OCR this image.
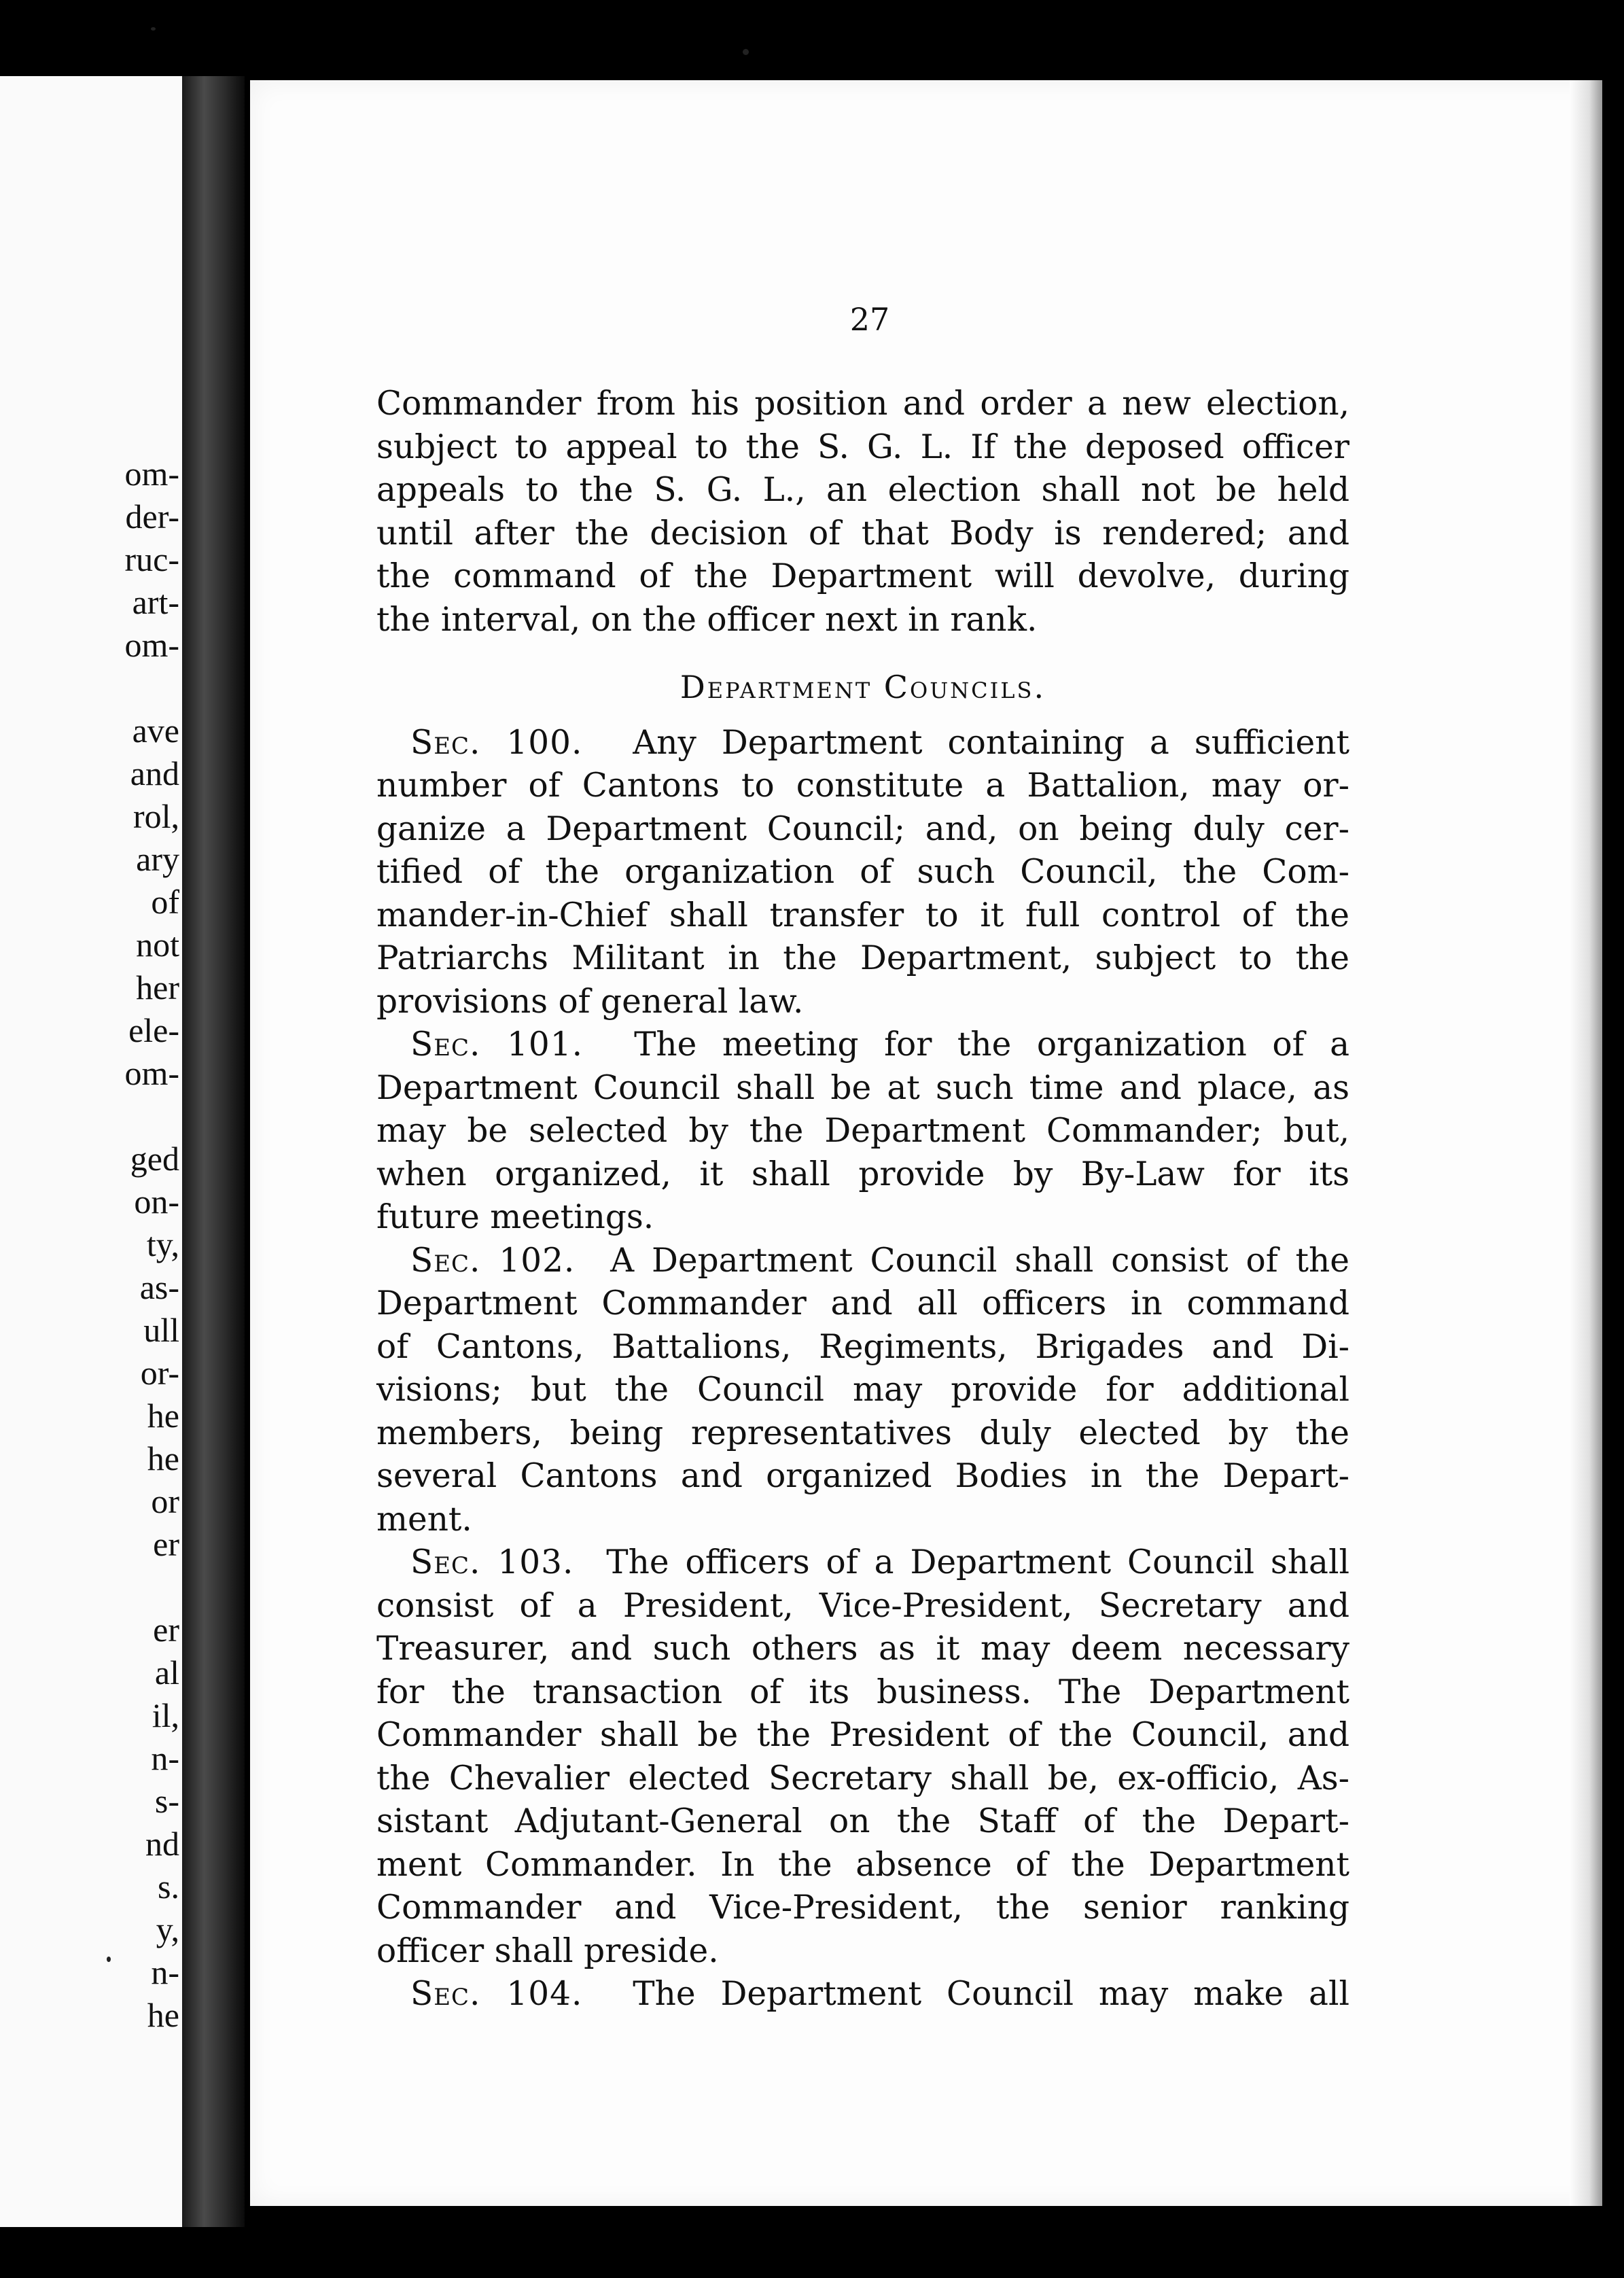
om-
der-
ruc-
art-
om-
ave
and
rol,
ary
of
not
her
ele-
om-
ged
on-
ty,
as-
ull
or-
he
he
or
er
er
al
il,
n-
s-
nd
s.
y,
n-
he
27
Commander from his position and order a new election,
subject to appeal to the S. G. L. If the deposed officer
appeals to the S. G. L., an election shall not be held
until after the decision of that Body is rendered; and
the command of the Department will devolve, during
the interval, on the officer next in rank.
Department Councils.
Sec. 100. Any Department containing a sufficient
number of Cantons to constitute a Battalion, may or-
ganize a Department Council; and, on being duly cer-
tified of the organization of such Council, the Com-
mander-in-Chief shall transfer to it full control of the
Patriarchs Militant in the Department, subject to the
provisions of general law.
Sec. 101. The meeting for the organization of a
Department Council shall be at such time and place, as
may be selected by the Department Commander; but,
when organized, it shall provide by By-Law for its
future meetings.
Sec. 102. A Department Council shall consist of the
Department Commander and all officers in command
of Cantons, Battalions, Regiments, Brigades and Di-
visions; but the Council may provide for additional
members, being representatives duly elected by the
several Cantons and organized Bodies in the Depart-
ment.
Sec. 103. The officers of a Department Council shall
consist of a President, Vice-President, Secretary and
Treasurer, and such others as it may deem necessary
for the transaction of its business. The Department
Commander shall be the President of the Council, and
the Chevalier elected Secretary shall be, ex-officio, As-
sistant Adjutant-General on the Staff of the Depart-
ment Commander. In the absence of the Department
Commander and Vice-President, the senior ranking
officer shall preside.
Sec. 104. The Department Council may make all
